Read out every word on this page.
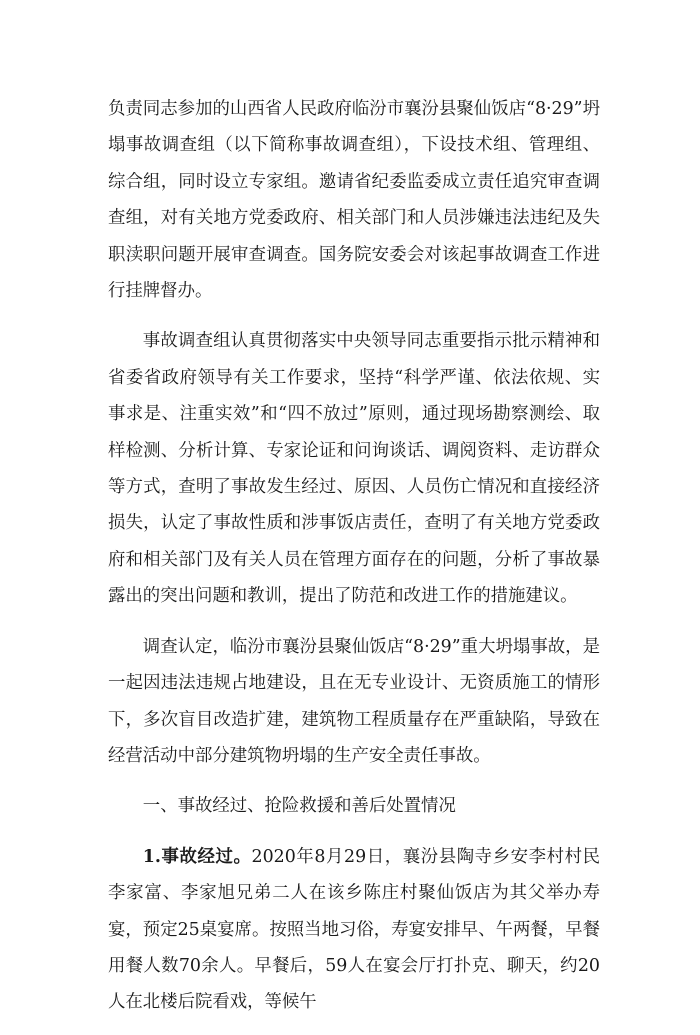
负责同志参加的山西省人民政府临汾市襄汾县聚仙饭店“8·29”坍塌事故调查组（以下简称事故调查组），下设技术组、管理组、综合组，同时设立专家组。邀请省纪委监委成立责任追究审查调查组，对有关地方党委政府、相关部门和人员涉嫌违法违纪及失职渎职问题开展审查调查。国务院安委会对该起事故调查工作进行挂牌督办。

事故调查组认真贯彻落实中央领导同志重要指示批示精神和省委省政府领导有关工作要求，坚持“科学严谨、依法依规、实事求是、注重实效”和“四不放过”原则，通过现场勘察测绘、取样检测、分析计算、专家论证和问询谈话、调阅资料、走访群众等方式，查明了事故发生经过、原因、人员伤亡情况和直接经济损失，认定了事故性质和涉事饭店责任，查明了有关地方党委政府和相关部门及有关人员在管理方面存在的问题，分析了事故暴露出的突出问题和教训，提出了防范和改进工作的措施建议。

调查认定，临汾市襄汾县聚仙饭店“8·29”重大坍塌事故，是一起因违法违规占地建设，且在无专业设计、无资质施工的情形下，多次盲目改造扩建，建筑物工程质量存在严重缺陷，导致在经营活动中部分建筑物坍塌的生产安全责任事故。

一、事故经过、抢险救援和善后处置情况

1.事故经过。2020年8月29日，襄汾县陶寺乡安李村村民李家富、李家旭兄弟二人在该乡陈庄村聚仙饭店为其父举办寿宴，预定25桌宴席。按照当地习俗，寿宴安排早、午两餐，早餐用餐人数70余人。早餐后，59人在宴会厅打扑克、聊天，约20人在北楼后院看戏，等候午
